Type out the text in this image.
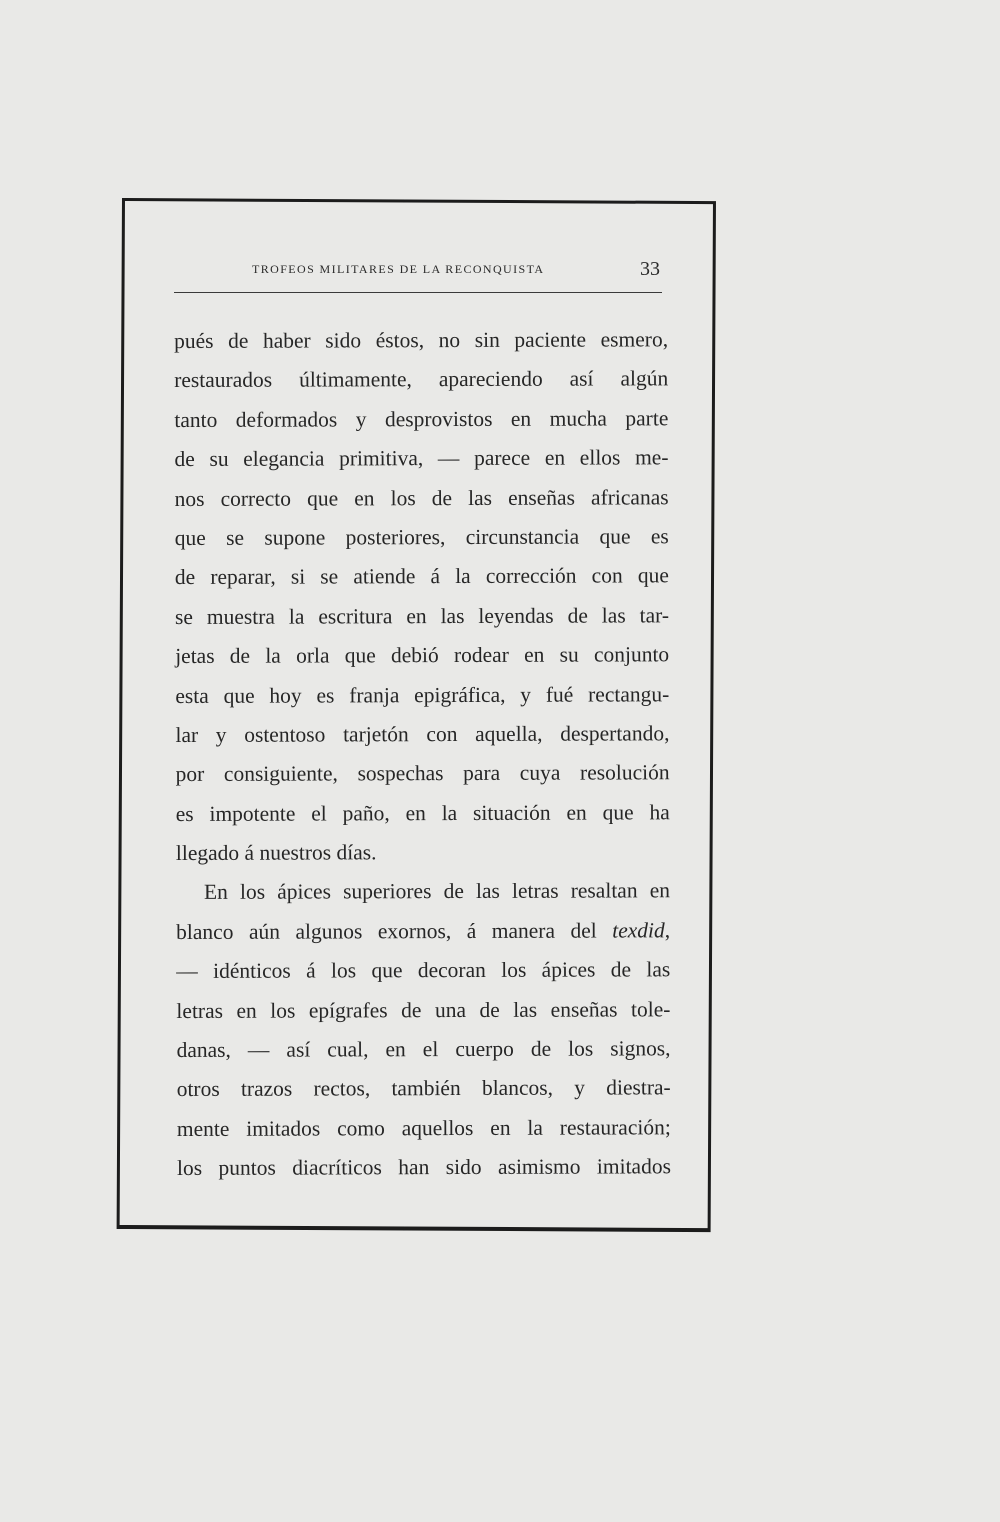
TROFEOS MILITARES DE LA RECONQUISTA	33
pués de haber sido éstos, no sin paciente esmero,
restaurados últimamente, apareciendo así algún
tanto deformados y desprovistos en mucha parte
de su elegancia primitiva, — parece en ellos me-
nos correcto que en los de las enseñas africanas
que se supone posteriores, circunstancia que es
de reparar, si se atiende á la corrección con que
se muestra la escritura en las leyendas de las tar-
jetas de la orla que debió rodear en su conjunto
esta que hoy es franja epigráfica, y fué rectangu-
lar y ostentoso tarjetón con aquella, despertando,
por consiguiente, sospechas para cuya resolución
es impotente el paño, en la situación en que ha
llegado á nuestros días.
En los ápices superiores de las letras resaltan en
blanco aún algunos exornos, á manera del texdid,
— idénticos á los que decoran los ápices de las
letras en los epígrafes de una de las enseñas tole-
danas, — así cual, en el cuerpo de los signos,
otros trazos rectos, también blancos, y diestra-
mente imitados como aquellos en la restauración;
los puntos diacríticos han sido asimismo imitados
